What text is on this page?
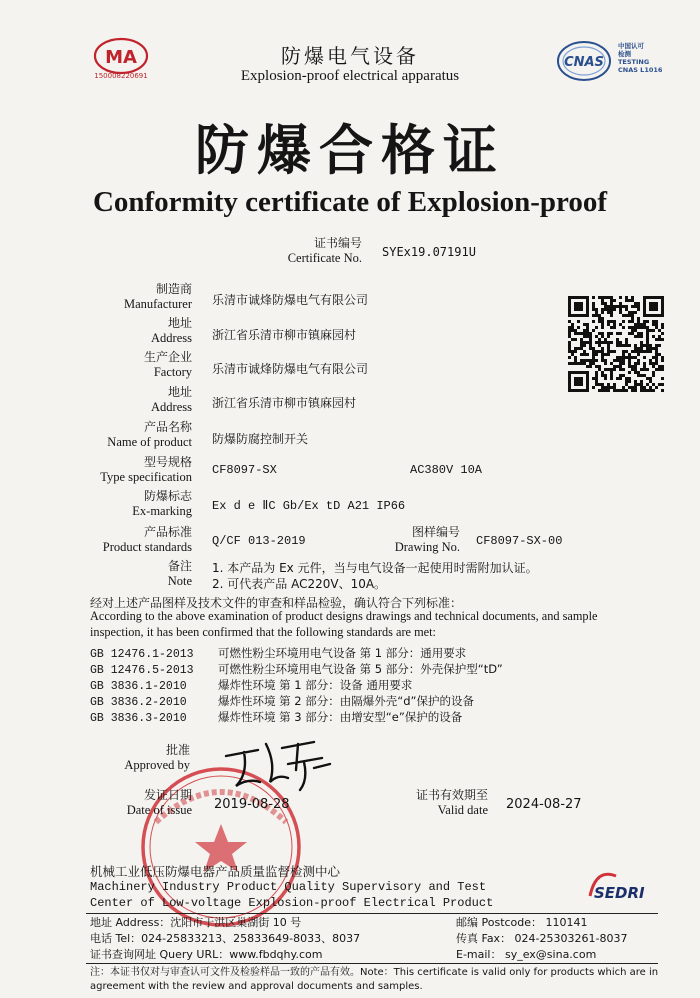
MA
150008220691
CNAS
中国认可
检测
TESTING
CNAS L1016
防爆电气设备
Explosion-proof electrical apparatus
防爆合格证
Conformity certificate of Explosion-proof
证书编号
Certificate No. SYEx19.07191U
制造商
Manufacturer 乐清市诚烽防爆电气有限公司
地址
Address 浙江省乐清市柳市镇麻园村
生产企业
Factory 乐清市诚烽防爆电气有限公司
地址
Address 浙江省乐清市柳市镇麻园村
产品名称
Name of product 防爆防腐控制开关
型号规格
Type specification CF8097-SX	AC380V 10A
防爆标志
Ex-marking Ex d e ⅡC Gb/Ex tD A21 IP66
产品标准
Product standards Q/CF 013-2019
图样编号
Drawing No. CF8097-SX-00
备注
Note
1. 本产品为 Ex 元件，当与电气设备一起使用时需附加认证。
2. 可代表产品 AC220V、10A。
经对上述产品图样及技术文件的审查和样品检验，确认符合下列标准：
According to the above examination of product designs drawings and technical documents, and sample
inspection, it has been confirmed that the following standards are met:
GB 12476.1-2013 可燃性粉尘环境用电气设备 第 1 部分：通用要求
GB 12476.5-2013 可燃性粉尘环境用电气设备 第 5 部分：外壳保护型“tD”
GB 3836.1-2010	爆炸性环境 第 1 部分：设备 通用要求
GB 3836.2-2010	爆炸性环境 第 2 部分：由隔爆外壳“d”保护的设备
GB 3836.3-2010	爆炸性环境 第 3 部分：由增安型“e”保护的设备
批准
Approved by
发证日期
Date of issue 2019-08-28
证书有效期至
Valid date 2024-08-27
机械工业低压防爆电器产品质量监督检测中心
Machinery Industry Product Quality Supervisory and Test
Center of Low-voltage Explosion-proof Electrical Product
SEDRI
地址 Address：沈阳市于洪区巢湖街 10 号	邮编 Postcode： 110141
电话 Tel：024-25833213、25833649-8033、8037	传真 Fax： 024-25303261-8037
证书查询网址 Query URL：www.fbdqhy.com	E-mail： sy_ex@sina.com
注：本证书仅对与审查认可文件及检验样品一致的产品有效。Note：This certificate is valid only for products which are in
agreement with the review and approval documents and samples.
